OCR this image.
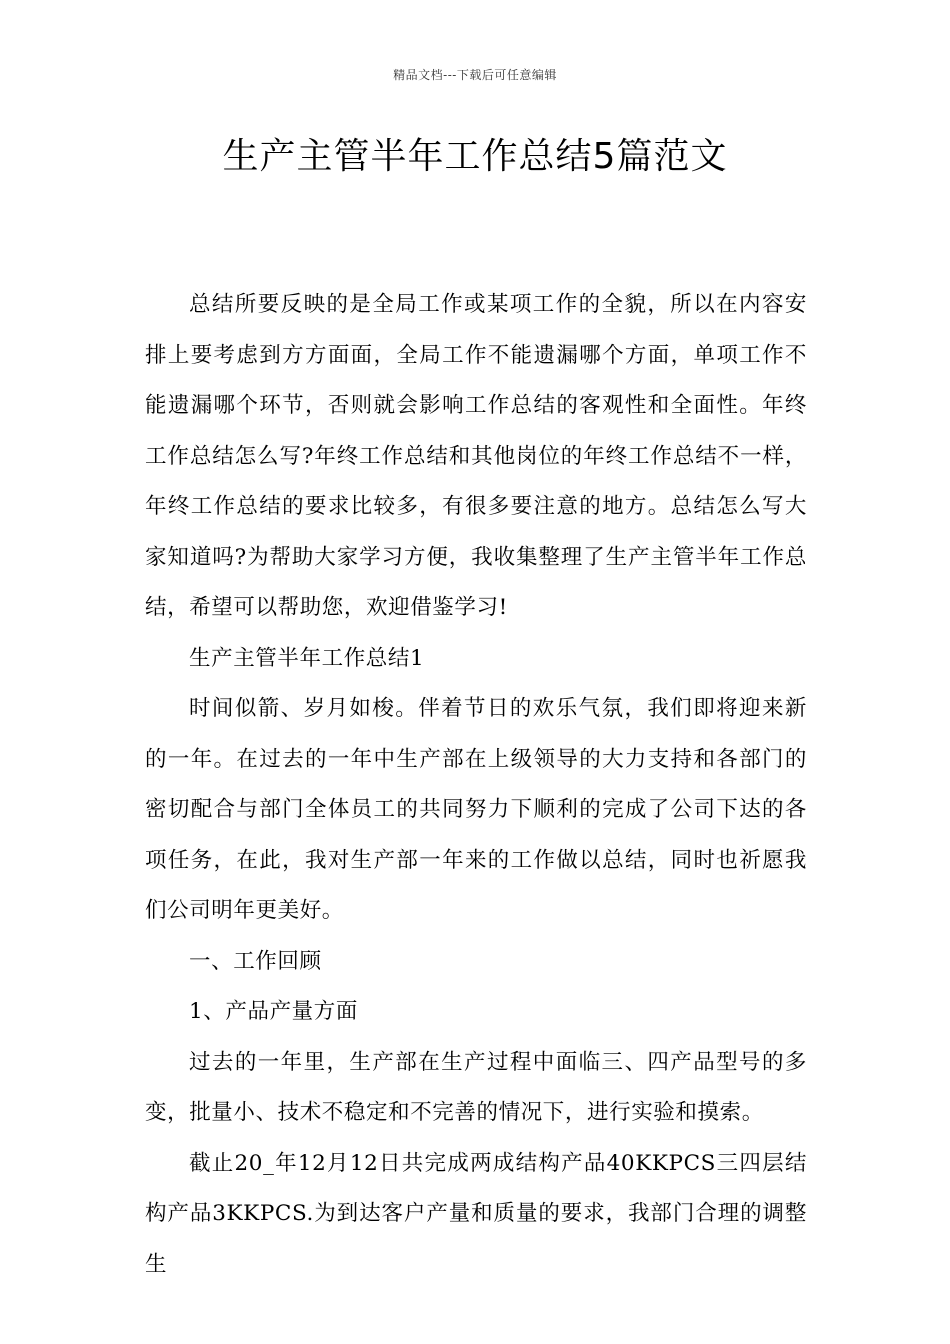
精品文档---下载后可任意编辑
生产主管半年工作总结5篇范文

总结所要反映的是全局工作或某项工作的全貌，所以在内容安排上要考虑到方方面面，全局工作不能遗漏哪个方面，单项工作不能遗漏哪个环节，否则就会影响工作总结的客观性和全面性。年终工作总结怎么写?年终工作总结和其他岗位的年终工作总结不一样，年终工作总结的要求比较多，有很多要注意的地方。总结怎么写大家知道吗?为帮助大家学习方便，我收集整理了生产主管半年工作总结，希望可以帮助您，欢迎借鉴学习!

生产主管半年工作总结1

时间似箭、岁月如梭。伴着节日的欢乐气氛，我们即将迎来新的一年。在过去的一年中生产部在上级领导的大力支持和各部门的密切配合与部门全体员工的共同努力下顺利的完成了公司下达的各项任务，在此，我对生产部一年来的工作做以总结，同时也祈愿我们公司明年更美好。

一、工作回顾

1、产品产量方面

过去的一年里，生产部在生产过程中面临三、四产品型号的多变，批量小、技术不稳定和不完善的情况下，进行实验和摸索。

截止20_年12月12日共完成两成结构产品40KKPCS三四层结构产品3KKPCS.为到达客户产量和质量的要求，我部门合理的调整生
